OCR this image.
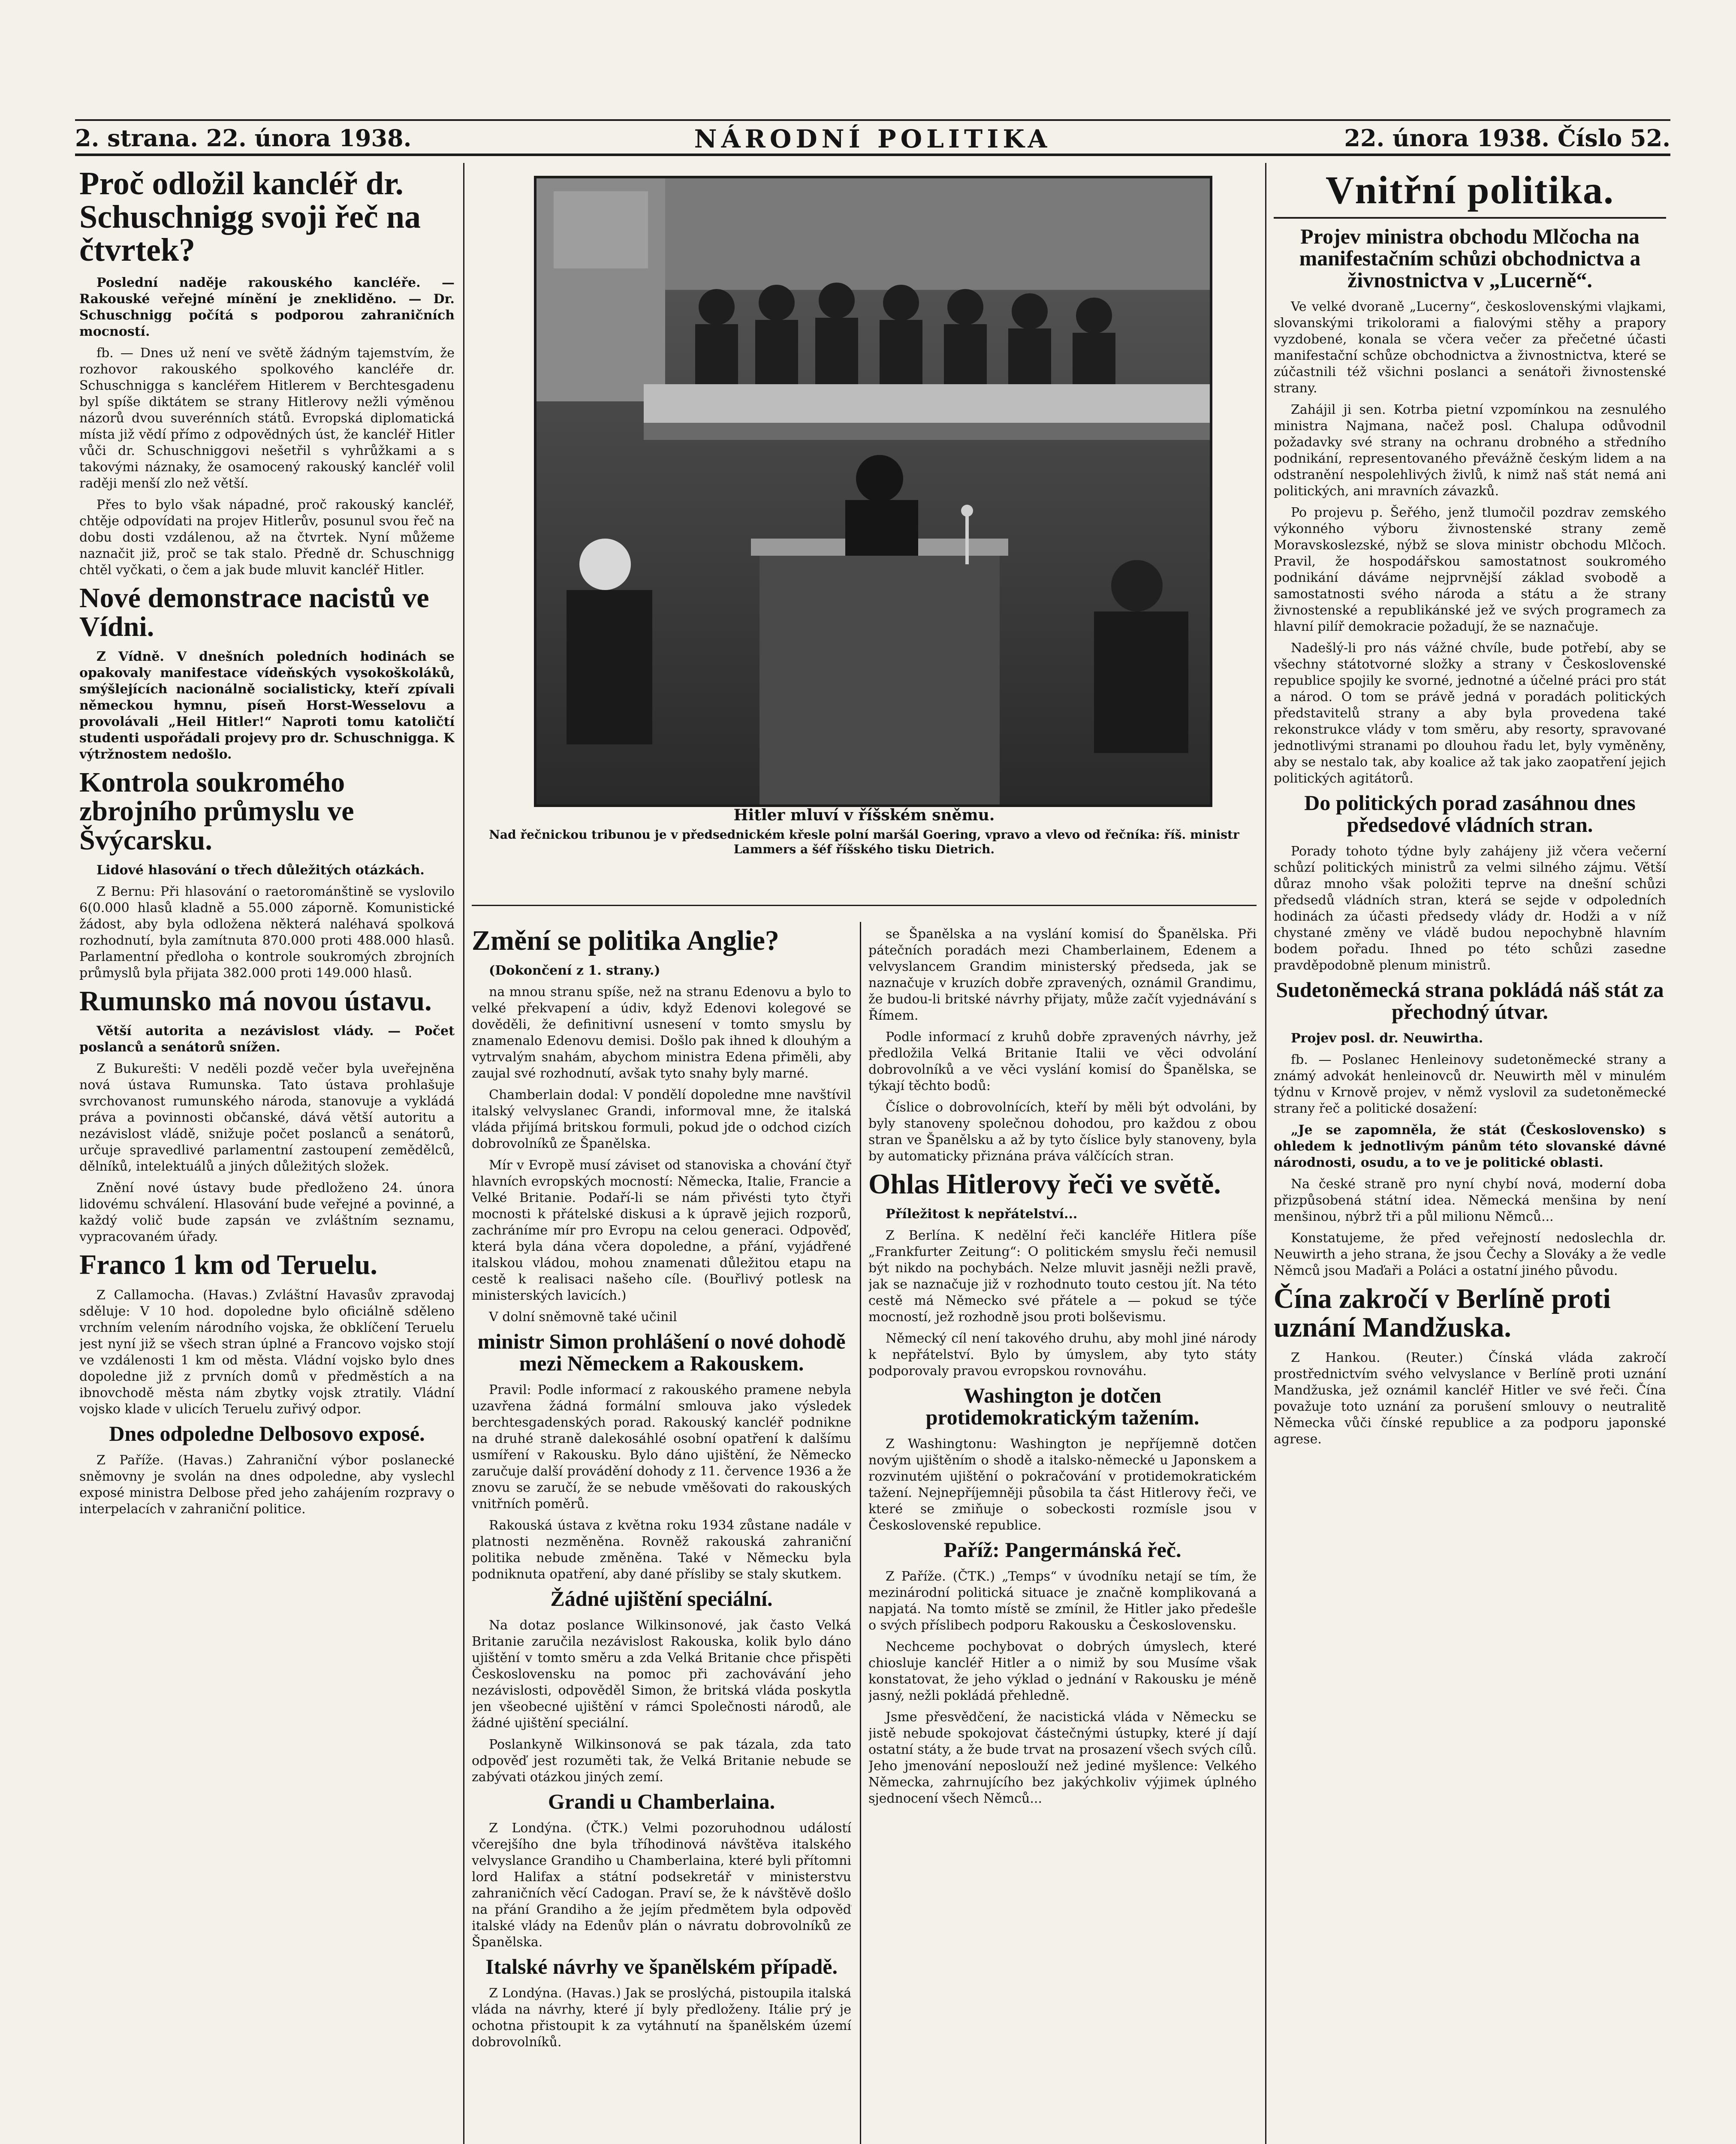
2. strana. 22. února 1938.	NÁRODNÍ POLITIKA	22. února 1938. Číslo 52.
Proč odložil kancléř dr. Schuschnigg svoji řeč na čtvrtek?

Poslední naděje rakouského kancléře. — Rakouské veřejné mínění je znekliděno. — Dr. Schuschnigg počítá s podporou zahraničních mocností.

fb. — Dnes už není ve světě žádným tajemstvím, že rozhovor rakouského spolkového kancléře dr. Schuschnigga s kancléřem Hitlerem v Berchtesgadenu byl spíše diktátem se strany Hitlerovy nežli výměnou názorů dvou suverénních států. Evropská diplomatická místa již vědí přímo z odpovědných úst, že kancléř Hitler vůči dr. Schuschniggovi nešetřil s vyhrůžkami a s takovými náznaky, že osamocený rakouský kancléř volil raději menší zlo než větší.

Přes to bylo však nápadné, proč rakouský kancléř, chtěje odpovídati na projev Hitlerův, posunul svou řeč na dobu dosti vzdálenou, až na čtvrtek. Nyní můžeme naznačit již, proč se tak stalo. Předně dr. Schuschnigg chtěl vyčkati, o čem a jak bude mluvit kancléř Hitler.

Nové demonstrace nacistů ve Vídni.

Z Vídně. V dnešních poledních hodinách se opakovaly manifestace vídeňských vysokoškoláků, smýšlejících nacionálně socialisticky, kteří zpívali německou hymnu, píseň Horst-Wesselovu a provolávali „Heil Hitler!“ Naproti tomu katoličtí studenti uspořádali projevy pro dr. Schuschnigga. K výtržnostem nedošlo.

Kontrola soukromého zbrojního průmyslu ve Švýcarsku.

Lidové hlasování o třech důležitých otázkách.

Z Bernu: Při hlasování o raetorománštině se vyslovilo 6(0.000 hlasů kladně a 55.000 záporně. Komunistické žádost, aby byla odložena některá naléhavá spolková rozhodnutí, byla zamítnuta 870.000 proti 488.000 hlasů. Parlamentní předloha o kontrole soukromých zbrojních průmyslů byla přijata 382.000 proti 149.000 hlasů.

Rumunsko má novou ústavu.

Větší autorita a nezávislost vlády. — Počet poslanců a senátorů snížen.

Z Bukurešti: V neděli pozdě večer byla uveřejněna nová ústava Rumunska. Tato ústava prohlašuje svrchovanost rumunského národa, stanovuje a vykládá práva a povinnosti občanské, dává větší autoritu a nezávislost vládě, snižuje počet poslanců a senátorů, určuje spravedlivé parlamentní zastoupení zemědělců, dělníků, intelektuálů a jiných důležitých složek.

Znění nové ústavy bude předloženo 24. února lidovému schválení. Hlasování bude veřejné a povinné, a každý volič bude zapsán ve zvláštním seznamu, vypracovaném úřady.

Franco 1 km od Teruelu.

Z Callamocha. (Havas.) Zvláštní Havasův zpravodaj sděluje: V 10 hod. dopoledne bylo oficiálně sděleno vrchním velením národního vojska, že obklíčení Teruelu jest nyní již se všech stran úplné a Francovo vojsko stojí ve vzdálenosti 1 km od města. Vládní vojsko bylo dnes dopoledne již z prvních domů v předměstích a na ibnovchodě města nám zbytky vojsk ztratily. Vládní vojsko klade v ulicích Teruelu zuřivý odpor.

Dnes odpoledne Delbosovo exposé.

Z Paříže. (Havas.) Zahraniční výbor poslanecké sněmovny je svolán na dnes odpoledne, aby vyslechl exposé ministra Delbose před jeho zahájením rozpravy o interpelacích v zahraniční politice.

Hitler mluví v říšském sněmu.
Nad řečnickou tribunou je v předsednickém křesle polní maršál Goering, vpravo a vlevo od řečníka: říš. ministr Lammers a šéf říšského tisku Dietrich.
Změní se politika Anglie?

(Dokončení z 1. strany.)

na mnou stranu spíše, než na stranu Edenovu a bylo to velké překvapení a údiv, když Edenovi kolegové se dověděli, že definitivní usnesení v tomto smyslu by znamenalo Edenovu demisi. Došlo pak ihned k dlouhým a vytrvalým snahám, abychom ministra Edena přiměli, aby zaujal své rozhodnutí, avšak tyto snahy byly marné.

Chamberlain dodal: V pondělí dopoledne mne navštívil italský velvyslanec Grandi, informoval mne, že italská vláda přijímá britskou formuli, pokud jde o odchod cizích dobrovolníků ze Španělska.

Mír v Evropě musí záviset od stanoviska a chování čtyř hlavních evropských mocností: Německa, Italie, Francie a Velké Britanie. Podaří-li se nám přivésti tyto čtyři mocnosti k přátelské diskusi a k úpravě jejich rozporů, zachráníme mír pro Evropu na celou generaci. Odpověď, která byla dána včera dopoledne, a přání, vyjádřené italskou vládou, mohou znamenati důležitou etapu na cestě k realisaci našeho cíle. (Bouřlivý potlesk na ministerských lavicích.)

V dolní sněmovně také učinil

ministr Simon prohlášení o nové dohodě mezi Německem a Rakouskem.

Pravil: Podle informací z rakouského pramene nebyla uzavřena žádná formální smlouva jako výsledek berchtesgadenských porad. Rakouský kancléř podnikne na druhé straně dalekosáhlé osobní opatření k dalšímu usmíření v Rakousku. Bylo dáno ujištění, že Německo zaručuje další provádění dohody z 11. července 1936 a že znovu se zaručí, že se nebude vměšovati do rakouských vnitřních poměrů.

Rakouská ústava z května roku 1934 zůstane nadále v platnosti nezměněna. Rovněž rakouská zahraniční politika nebude změněna. Také v Německu byla podniknuta opatření, aby dané přísliby se staly skutkem.

Žádné ujištění speciální.

Na dotaz poslance Wilkinsonové, jak často Velká Britanie zaručila nezávislost Rakouska, kolik bylo dáno ujištění v tomto směru a zda Velká Britanie chce přispěti Československu na pomoc při zachovávání jeho nezávislosti, odpověděl Simon, že britská vláda poskytla jen všeobecné ujištění v rámci Společnosti národů, ale žádné ujištění speciální.

Poslankyně Wilkinsonová se pak tázala, zda tato odpověď jest rozuměti tak, že Velká Britanie nebude se zabývati otázkou jiných zemí.

Grandi u Chamberlaina.

Z Londýna. (ČTK.) Velmi pozoruhodnou událostí včerejšího dne byla tříhodinová návštěva italského velvyslance Grandiho u Chamberlaina, které byli přítomni lord Halifax a státní podsekretář v ministerstvu zahraničních věcí Cadogan. Praví se, že k návštěvě došlo na přání Grandiho a že jejím předmětem byla odpověď italské vlády na Edenův plán o návratu dobrovolníků ze Španělska.

Italské návrhy ve španělském případě.

Z Londýna. (Havas.) Jak se proslýchá, pistoupila italská vláda na návrhy, které jí byly předloženy. Itálie prý je ochotna přistoupit k za vytáhnutí na španělském území dobrovolníků.

se Španělska a na vyslání komisí do Španělska. Při pátečních poradách mezi Chamberlainem, Edenem a velvyslancem Grandim ministerský předseda, jak se naznačuje v kruzích dobře zpravených, oznámil Grandimu, že budou-li britské návrhy přijaty, může začít vyjednávání s Římem.

Podle informací z kruhů dobře zpravených návrhy, jež předložila Velká Britanie Italii ve věci odvolání dobrovolníků a ve věci vyslání komisí do Španělska, se týkají těchto bodů:

Číslice o dobrovolnících, kteří by měli být odvoláni, by byly stanoveny společnou dohodou, pro každou z obou stran ve Španělsku a až by tyto číslice byly stanoveny, byla by automaticky přiznána práva válčících stran.

Ohlas Hitlerovy řeči ve světě.

Příležitost k nepřátelství...

Z Berlína. K nedělní řeči kancléře Hitlera píše „Frankfurter Zeitung“: O politickém smyslu řeči nemusil být nikdo na pochybách. Nelze mluvit jasněji nežli pravě, jak se naznačuje již v rozhodnuto touto cestou jít. Na této cestě má Německo své přátele a — pokud se týče mocností, jež rozhodně jsou proti bolševismu.

Německý cíl není takového druhu, aby mohl jiné národy k nepřátelství. Bylo by úmyslem, aby tyto státy podporovaly pravou evropskou rovnováhu.

Washington je dotčen protidemokratickým tažením.

Z Washingtonu: Washington je nepříjemně dotčen novým ujištěním o shodě a italsko-německé u Japonskem a rozvinutém ujištění o pokračování v protidemokratickém tažení. Nejnepříjemněji působila ta část Hitlerovy řeči, ve které se zmiňuje o sobeckosti rozmísle jsou v Československé republice.

Paříž: Pangermánská řeč.

Z Paříže. (ČTK.) „Temps“ v úvodníku netají se tím, že mezinárodní politická situace je značně komplikovaná a napjatá. Na tomto místě se zmínil, že Hitler jako předešle o svých příslibech podporu Rakousku a Československu.

Nechceme pochybovat o dobrých úmyslech, které chiosluje kancléř Hitler a o nimiž by sou Musíme však konstatovat, že jeho výklad o jednání v Rakousku je méně jasný, nežli pokládá přehledně.

Jsme přesvědčení, že nacistická vláda v Německu se jistě nebude spokojovat částečnými ústupky, které jí dají ostatní státy, a že bude trvat na prosazení všech svých cílů. Jeho jmenování neposlouží než jediné myšlence: Velkého Německa, zahrnujícího bez jakýchkoliv výjimek úplného sjednocení všech Němců...

Vnitřní politika.
Projev ministra obchodu Mlčocha na manifestačním schůzi obchodnictva a živnostnictva v „Lucerně“.

Ve velké dvoraně „Lucerny“, československými vlajkami, slovanskými trikolorami a fialovými stěhy a prapory vyzdobené, konala se včera večer za přečetné účasti manifestační schůze obchodnictva a živnostnictva, které se zúčastnili též všichni poslanci a senátoři živnostenské strany.

Zahájil ji sen. Kotrba pietní vzpomínkou na zesnulého ministra Najmana, načež posl. Chalupa odůvodnil požadavky své strany na ochranu drobného a středního podnikání, representovaného převážně českým lidem a na odstranění nespolehlivých živlů, k nimž naš stát nemá ani politických, ani mravních závazků.

Po projevu p. Šeřého, jenž tlumočil pozdrav zemského výkonného výboru živnostenské strany země Moravskoslezské, nýbž se slova ministr obchodu Mlčoch. Pravil, že hospodářskou samostatnost soukromého podnikání dáváme nejprvnější základ svobodě a samostatnosti svého národa a státu a že strany živnostenské a republikánské jež ve svých programech za hlavní pilíř demokracie požadují, že se naznačuje.

Nadešlý-li pro nás vážné chvíle, bude potřebí, aby se všechny státotvorné složky a strany v Československé republice spojily ke svorné, jednotné a účelné práci pro stát a národ. O tom se právě jedná v poradách politických představitelů strany a aby byla provedena také rekonstrukce vlády v tom směru, aby resorty, spravované jednotlivými stranami po dlouhou řadu let, byly vyměněny, aby se nestalo tak, aby koalice až tak jako zaopatření jejich politických agitátorů.

Do politických porad zasáhnou dnes předsedové vládních stran.

Porady tohoto týdne byly zahájeny již včera večerní schůzí politických ministrů za velmi silného zájmu. Větší důraz mnoho však položiti teprve na dnešní schůzi předsedů vládních stran, která se sejde v odpoledních hodinách za účasti předsedy vlády dr. Hodži a v níž chystané změny ve vládě budou nepochybně hlavním bodem pořadu. Ihned po této schůzi zasedne pravděpodobně plenum ministrů.

Sudetoněmecká strana pokládá náš stát za přechodný útvar.

Projev posl. dr. Neuwirtha.

fb. — Poslanec Henleinovy sudetoněmecké strany a známý advokát henleinovců dr. Neuwirth měl v minulém týdnu v Krnově projev, v němž vyslovil za sudetoněmecké strany řeč a politické dosažení:

„Je se zapomněla, že stát (Československo) s ohledem k jednotlivým pánům této slovanské dávné národnosti, osudu, a to ve je politické oblasti.

Na české straně pro nyní chybí nová, moderní doba přizpůsobená státní idea. Německá menšina by není menšinou, nýbrž tři a půl milionu Němců...

Konstatujeme, že před veřejností nedoslechla dr. Neuwirth a jeho strana, že jsou Čechy a Slováky a že vedle Němců jsou Maďaři a Poláci a ostatní jiného původu.

Čína zakročí v Berlíně proti uznání Mandžuska.

Z Hankou. (Reuter.) Čínská vláda zakročí prostřednictvím svého velvyslance v Berlíně proti uznání Mandžuska, jež oznámil kancléř Hitler ve své řeči. Čína považuje toto uznání za porušení smlouvy o neutralitě Německa vůči čínské republice a za podporu japonské agrese.
